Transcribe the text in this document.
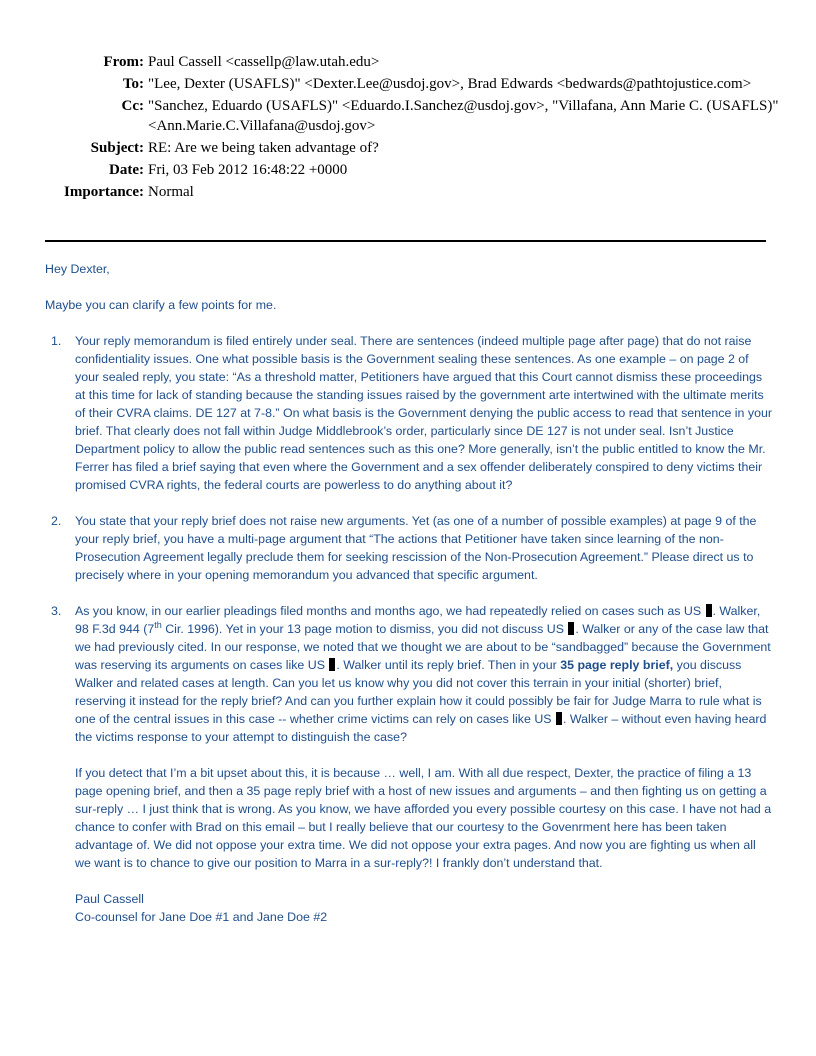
From: Paul Cassell <cassellp@law.utah.edu>
To: "Lee, Dexter (USAFLS)" <Dexter.Lee@usdoj.gov>, Brad Edwards <bedwards@pathtojustice.com>
Cc: "Sanchez, Eduardo (USAFLS)" <Eduardo.I.Sanchez@usdoj.gov>, "Villafana, Ann Marie C. (USAFLS)" <Ann.Marie.C.Villafana@usdoj.gov>
Subject: RE: Are we being taken advantage of?
Date: Fri, 03 Feb 2012 16:48:22 +0000
Importance: Normal

Hey Dexter,

Maybe you can clarify a few points for me.

1.	Your reply memorandum is filed entirely under seal. There are sentences (indeed multiple page after page) that do not raise confidentiality issues. One what possible basis is the Government sealing these sentences. As one example – on page 2 of your sealed reply, you state: “As a threshold matter, Petitioners have argued that this Court cannot dismiss these proceedings at this time for lack of standing because the standing issues raised by the government arte intertwined with the ultimate merits of their CVRA claims. DE 127 at 7-8.” On what basis is the Government denying the public access to read that sentence in your brief. That clearly does not fall within Judge Middlebrook’s order, particularly since DE 127 is not under seal. Isn’t Justice Department policy to allow the public read sentences such as this one? More generally, isn’t the public entitled to know the Mr. Ferrer has filed a brief saying that even where the Government and a sex offender deliberately conspired to deny victims their promised CVRA rights, the federal courts are powerless to do anything about it?
2.	You state that your reply brief does not raise new arguments. Yet (as one of a number of possible examples) at page 9 of the your reply brief, you have a multi-page argument that “The actions that Petitioner have taken since learning of the non-Prosecution Agreement legally preclude them for seeking rescission of the Non-Prosecution Agreement.” Please direct us to precisely where in your opening memorandum you advanced that specific argument.
3.	As you know, in our earlier pleadings filed months and months ago, we had repeatedly relied on cases such as US . Walker, 98 F.3d 944 (7th Cir. 1996). Yet in your 13 page motion to dismiss, you did not discuss US . Walker or any of the case law that we had previously cited. In our response, we noted that we thought we are about to be “sandbagged” because the Government was reserving its arguments on cases like US . Walker until its reply brief. Then in your 35 page reply brief, you discuss Walker and related cases at length. Can you let us know why you did not cover this terrain in your initial (shorter) brief, reserving it instead for the reply brief? And can you further explain how it could possibly be fair for Judge Marra to rule what is one of the central issues in this case -- whether crime victims can rely on cases like US . Walker – without even having heard the victims response to your attempt to distinguish the case?

If you detect that I’m a bit upset about this, it is because … well, I am. With all due respect, Dexter, the practice of filing a 13 page opening brief, and then a 35 page reply brief with a host of new issues and arguments – and then fighting us on getting a sur-reply … I just think that is wrong. As you know, we have afforded you every possible courtesy on this case. I have not had a chance to confer with Brad on this email – but I really believe that our courtesy to the Govenrment here has been taken advantage of. We did not oppose your extra time. We did not oppose your extra pages. And now you are fighting us when all we want is to chance to give our position to Marra in a sur-reply?! I frankly don’t understand that.

Paul Cassell

Co-counsel for Jane Doe #1 and Jane Doe #2
